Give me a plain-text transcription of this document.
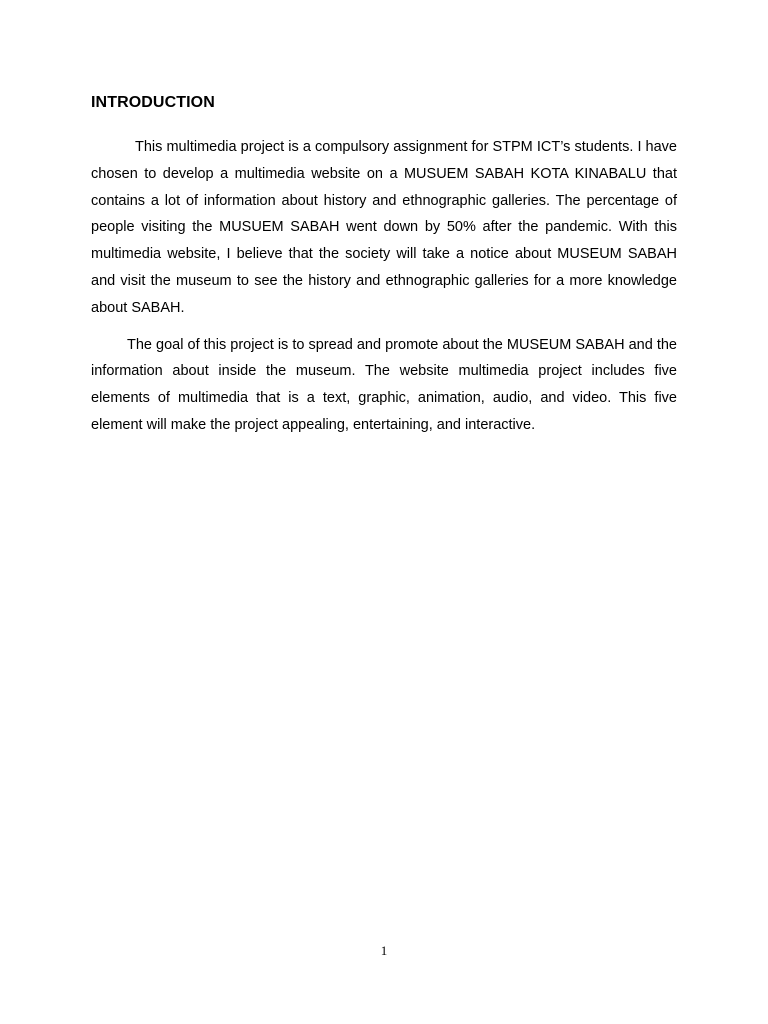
INTRODUCTION

This multimedia project is a compulsory assignment for STPM ICT’s students. I have chosen to develop a multimedia website on a MUSUEM SABAH KOTA KINABALU that contains a lot of information about history and ethnographic galleries. The percentage of people visiting the MUSUEM SABAH went down by 50% after the pandemic. With this multimedia website, I believe that the society will take a notice about MUSEUM SABAH and visit the museum to see the history and ethnographic galleries for a more knowledge about SABAH.

The goal of this project is to spread and promote about the MUSEUM SABAH and the information about inside the museum. The website multimedia project includes five elements of multimedia that is a text, graphic, animation, audio, and video. This five element will make the project appealing, entertaining, and interactive.

1
